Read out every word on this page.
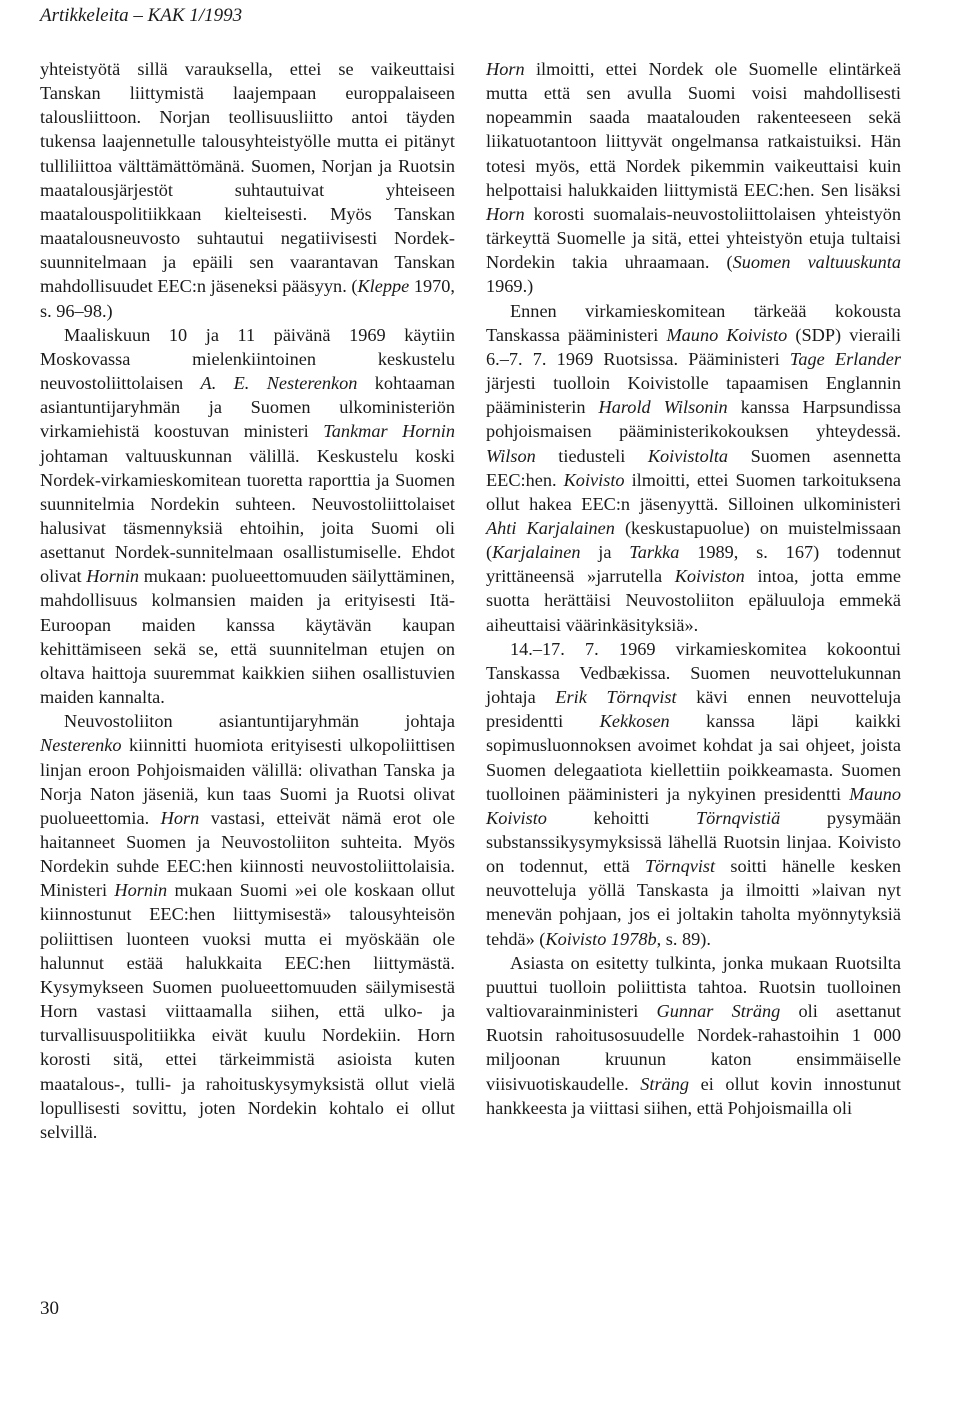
Artikkeleita – KAK 1/1993

yhteistyötä sillä varauksella, ettei se vaikeuttaisi Tanskan liittymistä laajempaan europpalaiseen talousliittoon. Norjan teollisuusliitto antoi täyden tukensa laajennetulle talousyhteistyölle mutta ei pitänyt tulliliittoa välttämättömänä. Suomen, Norjan ja Ruotsin maatalousjärjestöt suhtautuivat yhteiseen maatalouspolitiikkaan kielteisesti. Myös Tanskan maatalousneuvosto suhtautui negatiivisesti Nordek-suunnitelmaan ja epäili sen vaarantavan Tanskan mahdollisuudet EEC:n jäseneksi pääsyyn. (Kleppe 1970, s. 96–98.)

Maaliskuun 10 ja 11 päivänä 1969 käytiin Moskovassa mielenkiintoinen keskustelu neuvostoliittolaisen A. E. Nesterenkon kohtaaman asiantuntijaryhmän ja Suomen ulkoministeriön virkamiehistä koostuvan ministeri Tankmar Hornin johtaman valtuuskunnan välillä. Keskustelu koski Nordek-virkamieskomitean tuoretta raporttia ja Suomen suunnitelmia Nordekin suhteen. Neuvostoliittolaiset halusivat täsmennyksiä ehtoihin, joita Suomi oli asettanut Nordek-sunnitelmaan osallistumiselle. Ehdot olivat Hornin mukaan: puolueettomuuden säilyttäminen, mahdollisuus kolmansien maiden ja erityisesti Itä-Euroopan maiden kanssa käytävän kaupan kehittämiseen sekä se, että suunnitelman etujen on oltava haittoja suuremmat kaikkien siihen osallistuvien maiden kannalta.

Neuvostoliiton asiantuntijaryhmän johtaja Nesterenko kiinnitti huomiota erityisesti ulkopoliittisen linjan eroon Pohjoismaiden välillä: olivathan Tanska ja Norja Naton jäseniä, kun taas Suomi ja Ruotsi olivat puolueettomia. Horn vastasi, etteivät nämä erot ole haitanneet Suomen ja Neuvostoliiton suhteita. Myös Nordekin suhde EEC:hen kiinnosti neuvostoliittolaisia. Ministeri Hornin mukaan Suomi »ei ole koskaan ollut kiinnostunut EEC:hen liittymisestä» talousyhteisön poliittisen luonteen vuoksi mutta ei myöskään ole halunnut estää halukkaita EEC:hen liittymästä. Kysymykseen Suomen puolueettomuuden säilymisestä Horn vastasi viittaamalla siihen, että ulko- ja turvallisuuspolitiikka eivät kuulu Nordekiin. Horn korosti sitä, ettei tärkeimmistä asioista kuten maatalous-, tulli- ja rahoituskysymyksistä ollut vielä lopullisesti sovittu, joten Nordekin kohtalo ei ollut selvillä.

Horn ilmoitti, ettei Nordek ole Suomelle elintärkeä mutta että sen avulla Suomi voisi mahdollisesti nopeammin saada maatalouden rakenteeseen sekä liikatuotantoon liittyvät ongelmansa ratkaistuiksi. Hän totesi myös, että Nordek pikemmin vaikeuttaisi kuin helpottaisi halukkaiden liittymistä EEC:hen. Sen lisäksi Horn korosti suomalais-neuvostoliittolaisen yhteistyön tärkeyttä Suomelle ja sitä, ettei yhteistyön etuja tultaisi Nordekin takia uhraamaan. (Suomen valtuuskunta 1969.)

Ennen virkamieskomitean tärkeää kokousta Tanskassa pääministeri Mauno Koivisto (SDP) vieraili 6.–7. 7. 1969 Ruotsissa. Pääministeri Tage Erlander järjesti tuolloin Koivistolle tapaamisen Englannin pääministerin Harold Wilsonin kanssa Harpsundissa pohjoismaisen pääministerikokouksen yhteydessä. Wilson tiedusteli Koivistolta Suomen asennetta EEC:hen. Koivisto ilmoitti, ettei Suomen tarkoituksena ollut hakea EEC:n jäsenyyttä. Silloinen ulkoministeri Ahti Karjalainen (keskustapuolue) on muistelmissaan (Karjalainen ja Tarkka 1989, s. 167) todennut yrittäneensä »jarrutella Koiviston intoa, jotta emme suotta herättäisi Neuvostoliiton epäluuloja emmekä aiheuttaisi väärinkäsityksiä».

14.–17. 7. 1969 virkamieskomitea kokoontui Tanskassa Vedbækissa. Suomen neuvottelukunnan johtaja Erik Törnqvist kävi ennen neuvotteluja presidentti Kekkosen kanssa läpi kaikki sopimusluonnoksen avoimet kohdat ja sai ohjeet, joista Suomen delegaatiota kiellettiin poikkeamasta. Suomen tuolloinen pääministeri ja nykyinen presidentti Mauno Koivisto kehoitti Törnqvistiä pysymään substanssikysymyksissä lähellä Ruotsin linjaa. Koivisto on todennut, että Törnqvist soitti hänelle kesken neuvotteluja yöllä Tanskasta ja ilmoitti »laivan nyt menevän pohjaan, jos ei joltakin taholta myönnytyksiä tehdä» (Koivisto 1978b, s. 89).

Asiasta on esitetty tulkinta, jonka mukaan Ruotsilta puuttui tuolloin poliittista tahtoa. Ruotsin tuolloinen valtiovarainministeri Gunnar Sträng oli asettanut Ruotsin rahoitusosuudelle Nordek-rahastoihin 1 000 miljoonan kruunun katon ensimmäiselle viisivuotiskaudelle. Sträng ei ollut kovin innostunut hankkeesta ja viittasi siihen, että Pohjoismailla oli

30
